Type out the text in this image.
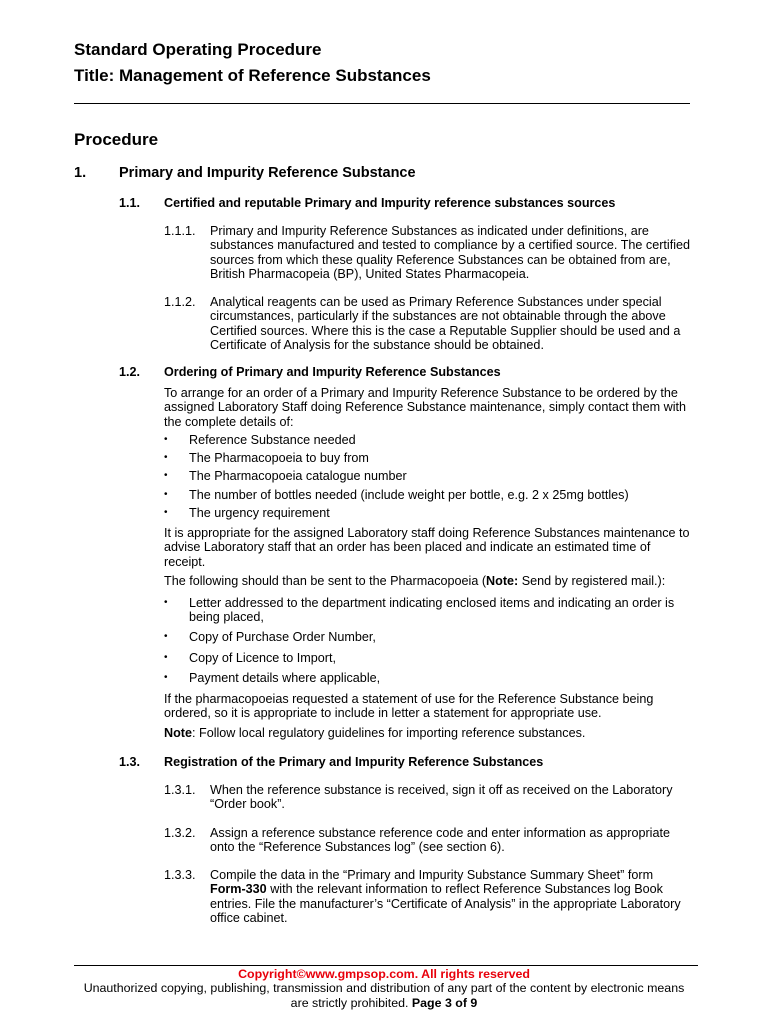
Standard Operating Procedure
Title: Management of Reference Substances
Procedure
1. Primary and Impurity Reference Substance
1.1. Certified and reputable Primary and Impurity reference substances sources
1.1.1. Primary and Impurity Reference Substances as indicated under definitions, are substances manufactured and tested to compliance by a certified source. The certified sources from which these quality Reference Substances can be obtained from are, British Pharmacopeia (BP), United States Pharmacopeia.
1.1.2. Analytical reagents can be used as Primary Reference Substances under special circumstances, particularly if the substances are not obtainable through the above Certified sources. Where this is the case a Reputable Supplier should be used and a Certificate of Analysis for the substance should be obtained.
1.2. Ordering of Primary and Impurity Reference Substances
To arrange for an order of a Primary and Impurity Reference Substance to be ordered by the assigned Laboratory Staff doing Reference Substance maintenance, simply contact them with the complete details of:
• Reference Substance needed
• The Pharmacopoeia to buy from
• The Pharmacopoeia catalogue number
• The number of bottles needed (include weight per bottle, e.g. 2 x 25mg bottles)
• The urgency requirement
It is appropriate for the assigned Laboratory staff doing Reference Substances maintenance to advise Laboratory staff that an order has been placed and indicate an estimated time of receipt.
The following should than be sent to the Pharmacopoeia (Note: Send by registered mail.):
• Letter addressed to the department indicating enclosed items and indicating an order is being placed,
• Copy of Purchase Order Number,
• Copy of Licence to Import,
• Payment details where applicable,
If the pharmacopoeias requested a statement of use for the Reference Substance being ordered, so it is appropriate to include in letter a statement for appropriate use.
Note: Follow local regulatory guidelines for importing reference substances.
1.3. Registration of the Primary and Impurity Reference Substances
1.3.1. When the reference substance is received, sign it off as received on the Laboratory “Order book”.
1.3.2. Assign a reference substance reference code and enter information as appropriate onto the “Reference Substances log” (see section 6).
1.3.3. Compile the data in the “Primary and Impurity Substance Summary Sheet” form Form-330 with the relevant information to reflect Reference Substances log Book entries. File the manufacturer’s “Certificate of Analysis” in the appropriate Laboratory office cabinet.
Copyright©www.gmpsop.com. All rights reserved
Unauthorized copying, publishing, transmission and distribution of any part of the content by electronic means are strictly prohibited. Page 3 of 9
